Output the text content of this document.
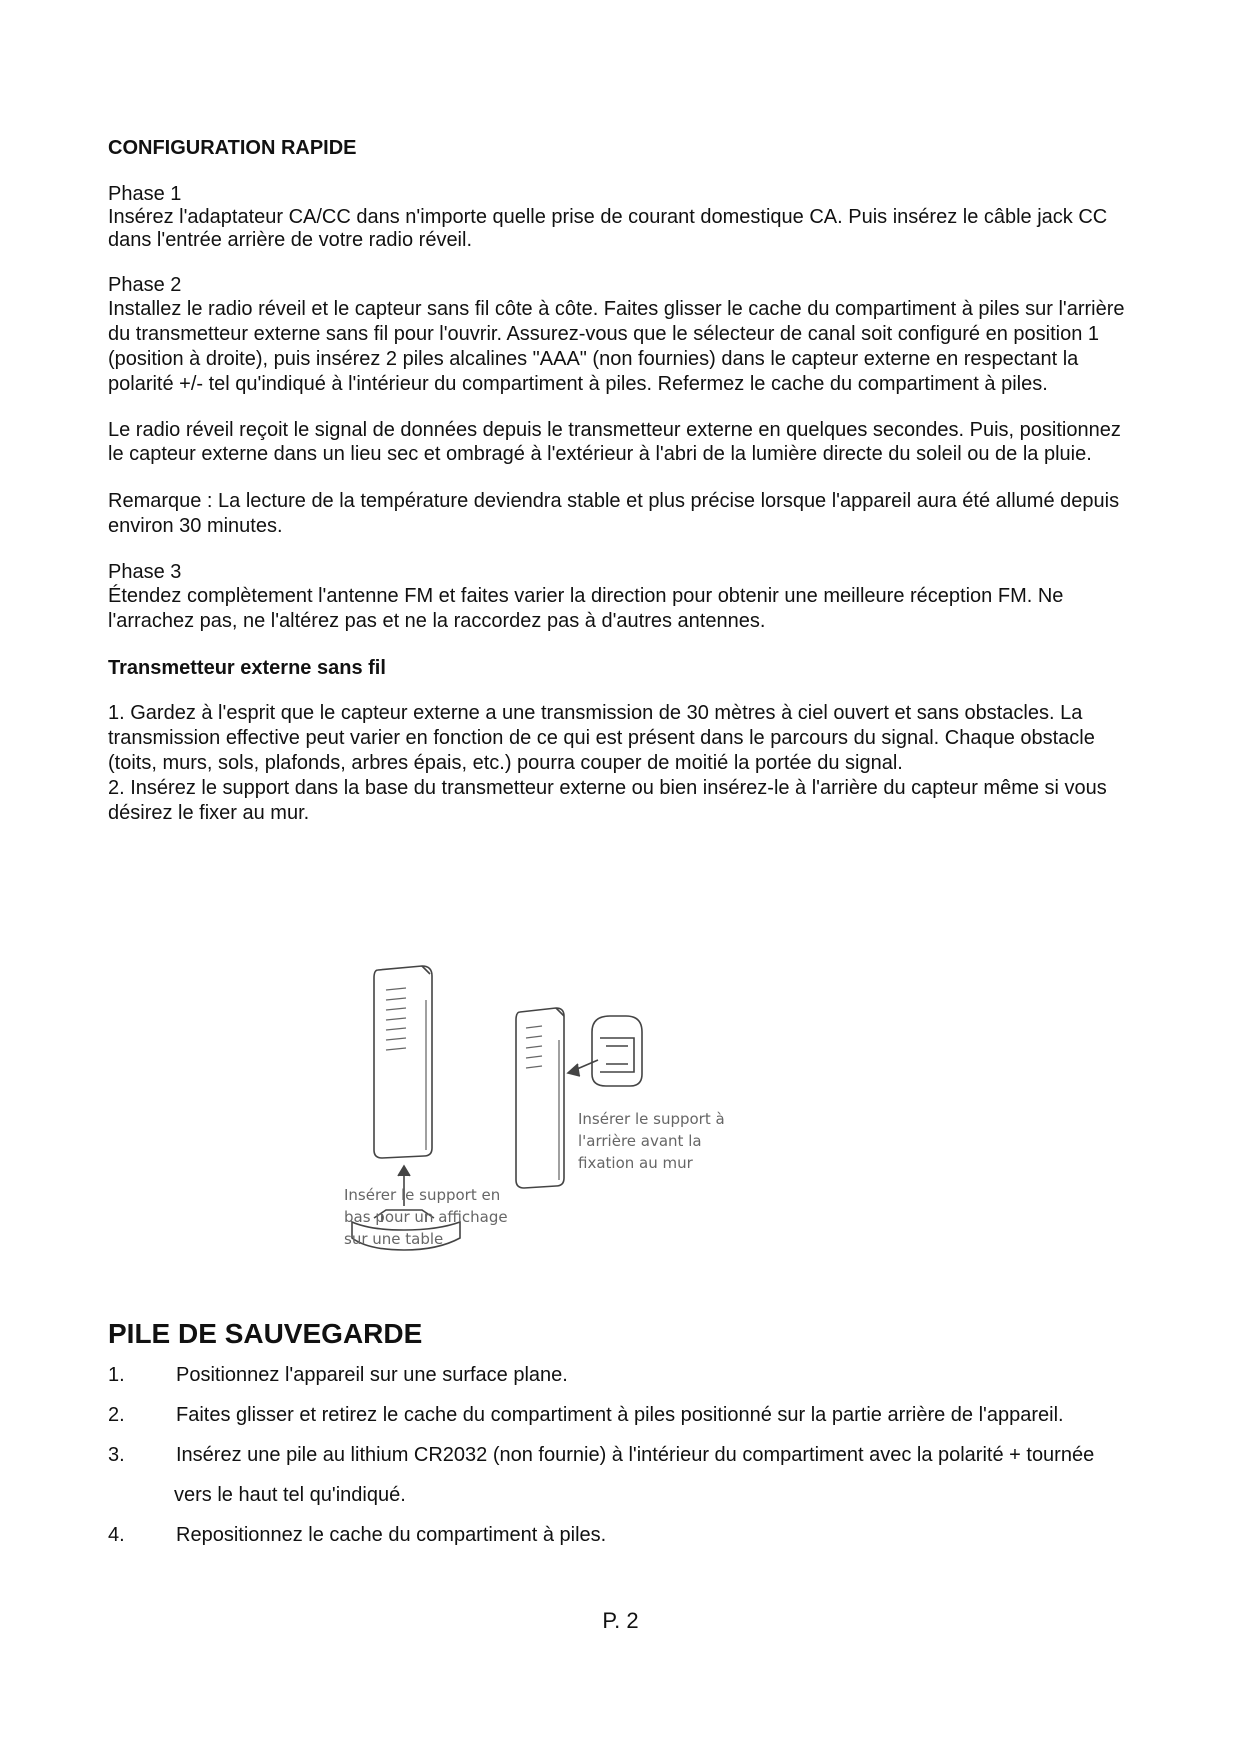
CONFIGURATION RAPIDE

Phase 1

Insérez l'adaptateur CA/CC dans n'importe quelle prise de courant domestique CA. Puis insérez le câble jack CC dans l'entrée arrière de votre radio réveil.

Phase 2

Installez le radio réveil et le capteur sans fil côte à côte. Faites glisser le cache du compartiment à piles sur l'arrière du transmetteur externe sans fil pour l'ouvrir. Assurez-vous que le sélecteur de canal soit configuré en position 1 (position à droite), puis insérez 2 piles alcalines "AAA" (non fournies) dans le capteur externe en respectant la polarité +/- tel qu'indiqué à l'intérieur du compartiment à piles. Refermez le cache du compartiment à piles.

Le radio réveil reçoit le signal de données depuis le transmetteur externe en quelques secondes. Puis, positionnez

le capteur externe dans un lieu sec et ombragé à l'extérieur à l'abri de la lumière directe du soleil ou de la pluie.

Remarque : La lecture de la température deviendra stable et plus précise lorsque l'appareil aura été allumé depuis environ 30 minutes.

Phase 3

Étendez complètement l'antenne FM et faites varier la direction pour obtenir une meilleure réception FM. Ne l'arrachez pas, ne l'altérez pas et ne la raccordez pas à d'autres antennes.

Transmetteur externe sans fil

1. Gardez à l'esprit que le capteur externe a une transmission de 30 mètres à ciel ouvert et sans obstacles. La transmission effective peut varier en fonction de ce qui est présent dans le parcours du signal. Chaque obstacle (toits, murs, sols, plafonds, arbres épais, etc.) pourra couper de moitié la portée du signal.

2. Insérez le support dans la base du transmetteur externe ou bien insérez-le à l'arrière du capteur même si vous désirez le fixer au mur.

Insérer le support en
bas pour un affichage
sur une table
Insérer le support à
l'arrière avant la
fixation au mur
PILE DE SAUVEGARDE
1.	Positionnez l'appareil sur une surface plane.
2.	Faites glisser et retirez le cache du compartiment à piles positionné sur la partie arrière de l'appareil.
3.	Insérez une pile au lithium CR2032 (non fournie) à l'intérieur du compartiment avec la polarité + tournée
vers le haut tel qu'indiqué.
4.	Repositionnez le cache du compartiment à piles.
P. 2
